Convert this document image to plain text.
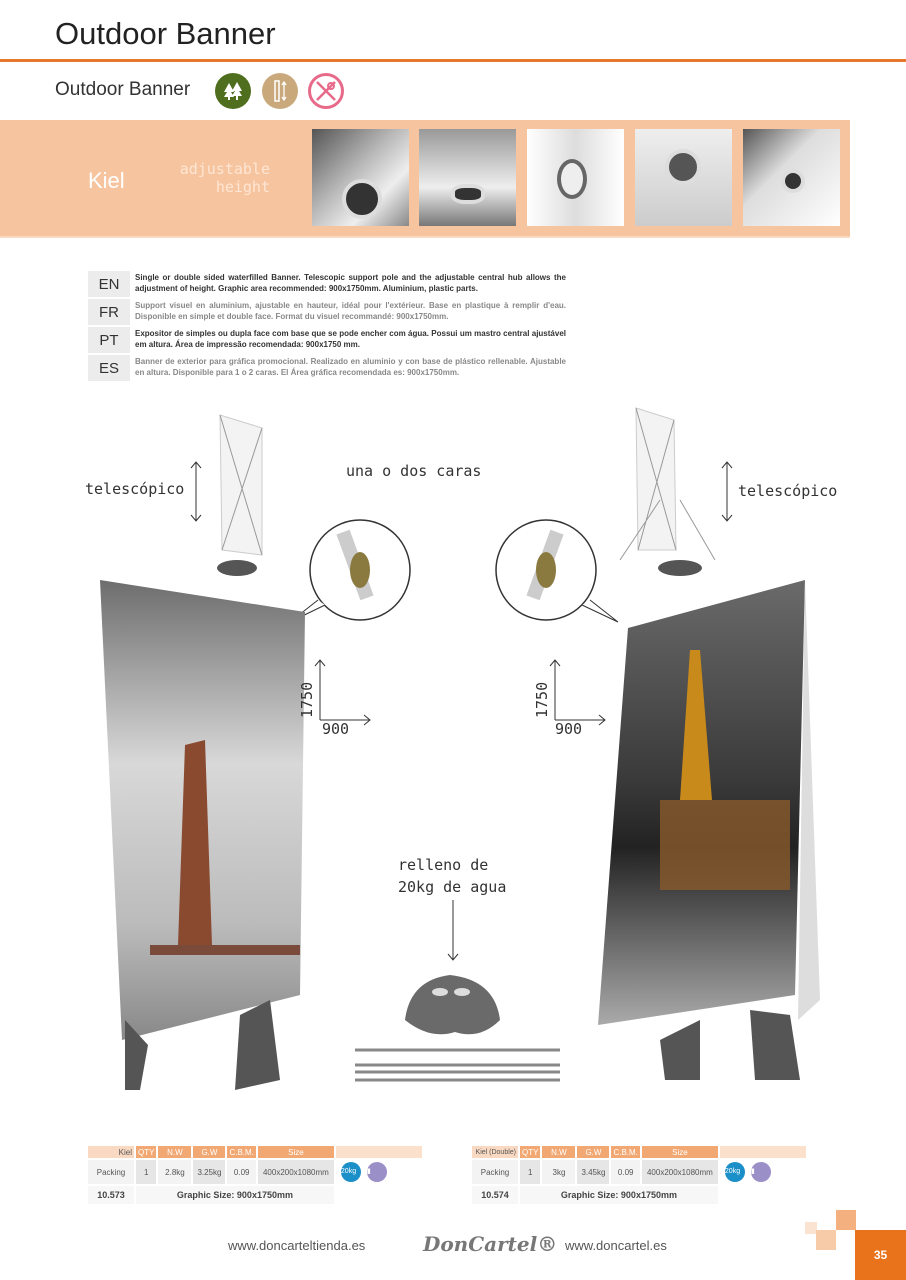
Outdoor Banner
Outdoor Banner
Kiel	adjustable
height
EN	Single or double sided waterfilled Banner. Telescopic support pole and the adjustable central hub allows the adjustment of height. Graphic area recommended: 900x1750mm. Aluminium, plastic parts.
FR	Support visuel en aluminium, ajustable en hauteur, idéal pour l'extérieur. Base en plastique à remplir d'eau. Disponible en simple et double face. Format du visuel recommandé: 900x1750mm.
PT	Expositor de simples ou dupla face com base que se pode encher com água. Possui um mastro central ajustável em altura. Área de impressão recomendada: 900x1750 mm.
ES	Banner de exterior para gráfica promocional. Realizado en aluminio y con base de plástico rellenable. Ajustable en altura. Disponible para 1 o 2 caras. El Área gráfica recomendada es: 900x1750mm.
telescópico	telescópico
una o dos caras
1750
900
1750
900
relleno de
20kg de agua
Kiel	QTY	N.W	G.W	C.B.M.	Size	
Packing	1	2.8kg	3.25kg	0.09	400x200x1080mm	20kg ▮
10.573	Graphic Size: 900x1750mm					
Kiel (Double)	QTY	N.W	G.W	C.B.M.	Size	
Packing	1	3kg	3.45kg	0.09	400x200x1080mm	20kg ▮
10.574	Graphic Size: 900x1750mm					
www.doncarteltienda.es	DonCartel® www.doncartel.es
35
